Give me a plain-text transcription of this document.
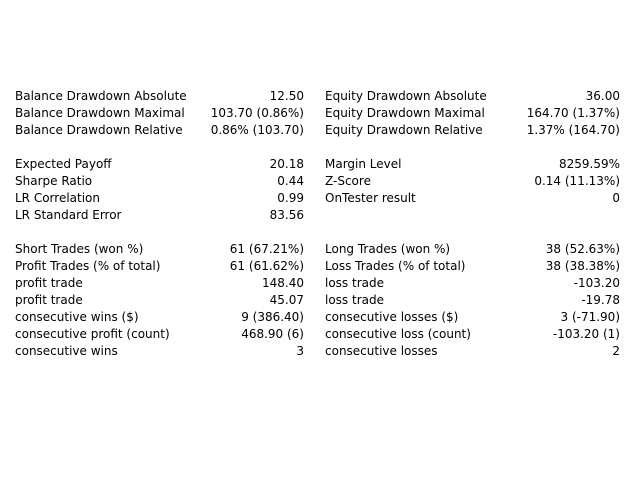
Balance Drawdown Absolute	12.50 Equity Drawdown Absolute	36.00
Balance Drawdown Maximal 103.70 (0.86%) Equity Drawdown Maximal	164.70 (1.37%)
Balance Drawdown Relative 0.86% (103.70) Equity Drawdown Relative	1.37% (164.70)
Expected Payoff	20.18 Margin Level	8259.59%
Sharpe Ratio	0.44 Z-Score	0.14 (11.13%)
LR Correlation	0.99 OnTester result	0
LR Standard Error	83.56
Short Trades (won %)	61 (67.21%) Long Trades (won %)	38 (52.63%)
Profit Trades (% of total)	61 (61.62%) Loss Trades (% of total)	38 (38.38%)
profit trade	148.40 loss trade	-103.20
profit trade	45.07 loss trade	-19.78
consecutive wins ($)	9 (386.40) consecutive losses ($)	3 (-71.90)
consecutive profit (count)	468.90 (6) consecutive loss (count)	-103.20 (1)
consecutive wins	3 consecutive losses	2
